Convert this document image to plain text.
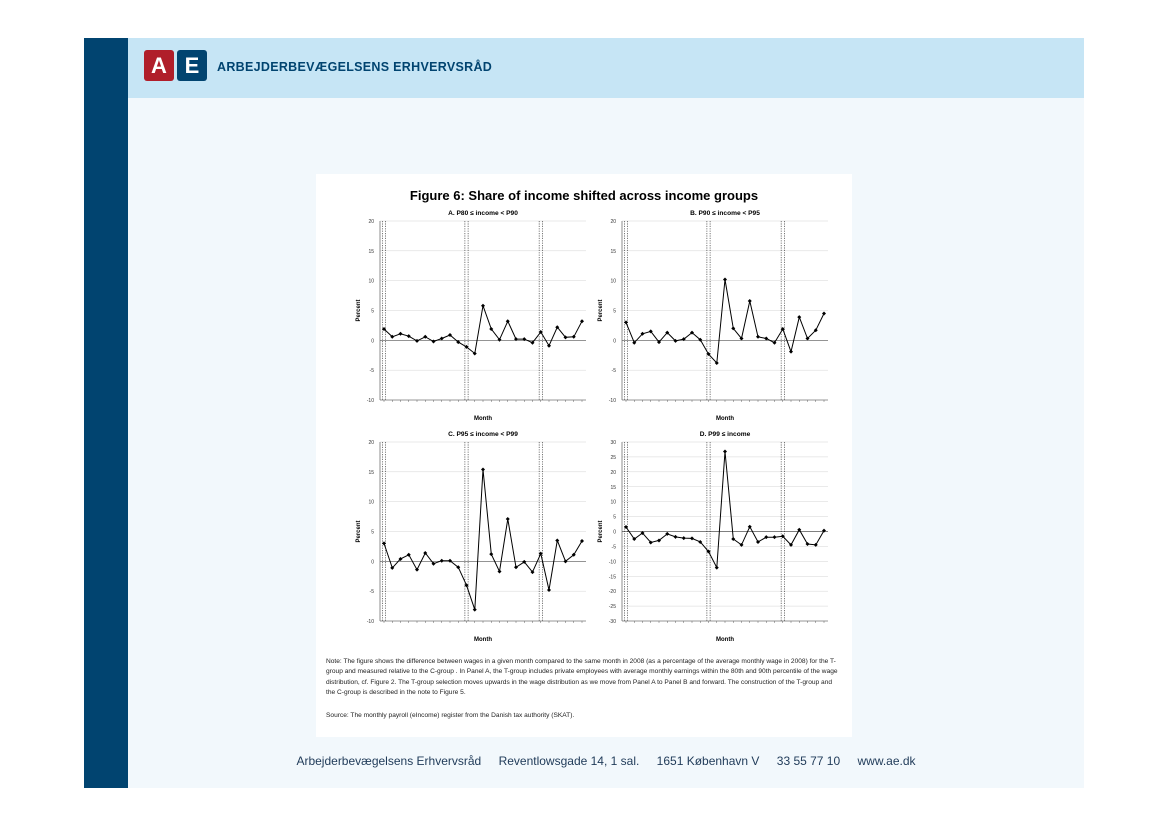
A E	ARBEJDERBEVÆGELSENS ERHVERVSRÅD
Figure 6: Share of income shifted across income groups
-10
-5
0
5
10
15
20
A. P80 ≤ income < P90
Month
Percent
-10
-5
0
5
10
15
20
B. P90 ≤ income < P95
Month
Percent
-10
-5
0
5
10
15
20
C. P95 ≤ income < P99
Month
Percent
-30
-25
-20
-15
-10
-5
0
5
10
15
20
25
30
D. P99 ≤ income
Month
Percent
Note: The figure shows the difference between wages in a given month compared to the same month in 2008 (as a percentage of the average monthly wage in 2008) for the T-group and measured relative to the C-group . In Panel A, the T-group includes private employees with average monthly earnings within the 80th and 90th percentile of the wage distribution, cf. Figure 2. The T-group selection moves upwards in the wage distribution as we move from Panel A to Panel B and forward. The construction of the T-group and the C-group is described in the note to Figure 5.
Source: The monthly payroll (eIncome) register from the Danish tax authority (SKAT).
Arbejderbevægelsens Erhvervsråd Reventlowsgade 14, 1 sal. 1651 København V 33 55 77 10 www.ae.dk
